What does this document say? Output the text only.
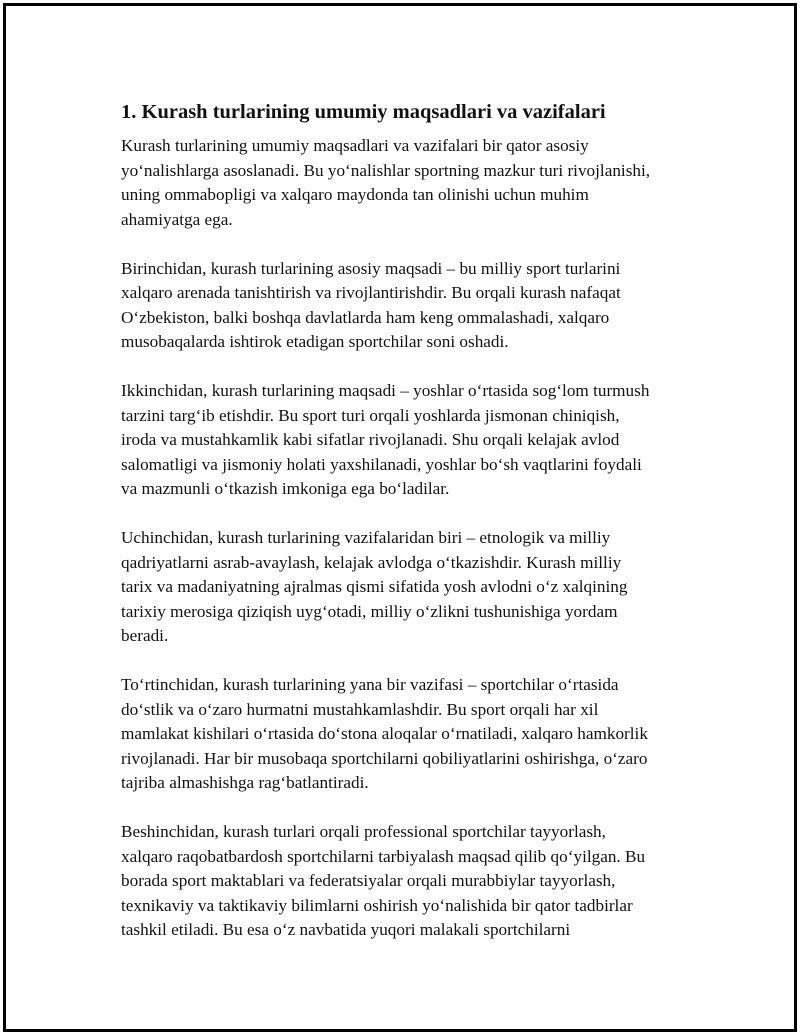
1. Kurash turlarining umumiy maqsadlari va vazifalari

Kurash turlarining umumiy maqsadlari va vazifalari bir qator asosiy
yo‘nalishlarga asoslanadi. Bu yo‘nalishlar sportning mazkur turi rivojlanishi,
uning ommabopligi va xalqaro maydonda tan olinishi uchun muhim
ahamiyatga ega.

Birinchidan, kurash turlarining asosiy maqsadi – bu milliy sport turlarini
xalqaro arenada tanishtirish va rivojlantirishdir. Bu orqali kurash nafaqat
O‘zbekiston, balki boshqa davlatlarda ham keng ommalashadi, xalqaro
musobaqalarda ishtirok etadigan sportchilar soni oshadi.

Ikkinchidan, kurash turlarining maqsadi – yoshlar o‘rtasida sog‘lom turmush
tarzini targ‘ib etishdir. Bu sport turi orqali yoshlarda jismonan chiniqish,
iroda va mustahkamlik kabi sifatlar rivojlanadi. Shu orqali kelajak avlod
salomatligi va jismoniy holati yaxshilanadi, yoshlar bo‘sh vaqtlarini foydali
va mazmunli o‘tkazish imkoniga ega bo‘ladilar.

Uchinchidan, kurash turlarining vazifalaridan biri – etnologik va milliy
qadriyatlarni asrab-avaylash, kelajak avlodga o‘tkazishdir. Kurash milliy
tarix va madaniyatning ajralmas qismi sifatida yosh avlodni o‘z xalqining
tarixiy merosiga qiziqish uyg‘otadi, milliy o‘zlikni tushunishiga yordam
beradi.

To‘rtinchidan, kurash turlarining yana bir vazifasi – sportchilar o‘rtasida
do‘stlik va o‘zaro hurmatni mustahkamlashdir. Bu sport orqali har xil
mamlakat kishilari o‘rtasida do‘stona aloqalar o‘rnatiladi, xalqaro hamkorlik
rivojlanadi. Har bir musobaqa sportchilarni qobiliyatlarini oshirishga, o‘zaro
tajriba almashishga rag‘batlantiradi.

Beshinchidan, kurash turlari orqali professional sportchilar tayyorlash,
xalqaro raqobatbardosh sportchilarni tarbiyalash maqsad qilib qo‘yilgan. Bu
borada sport maktablari va federatsiyalar orqali murabbiylar tayyorlash,
texnikaviy va taktikaviy bilimlarni oshirish yo‘nalishida bir qator tadbirlar
tashkil etiladi. Bu esa o‘z navbatida yuqori malakali sportchilarni
